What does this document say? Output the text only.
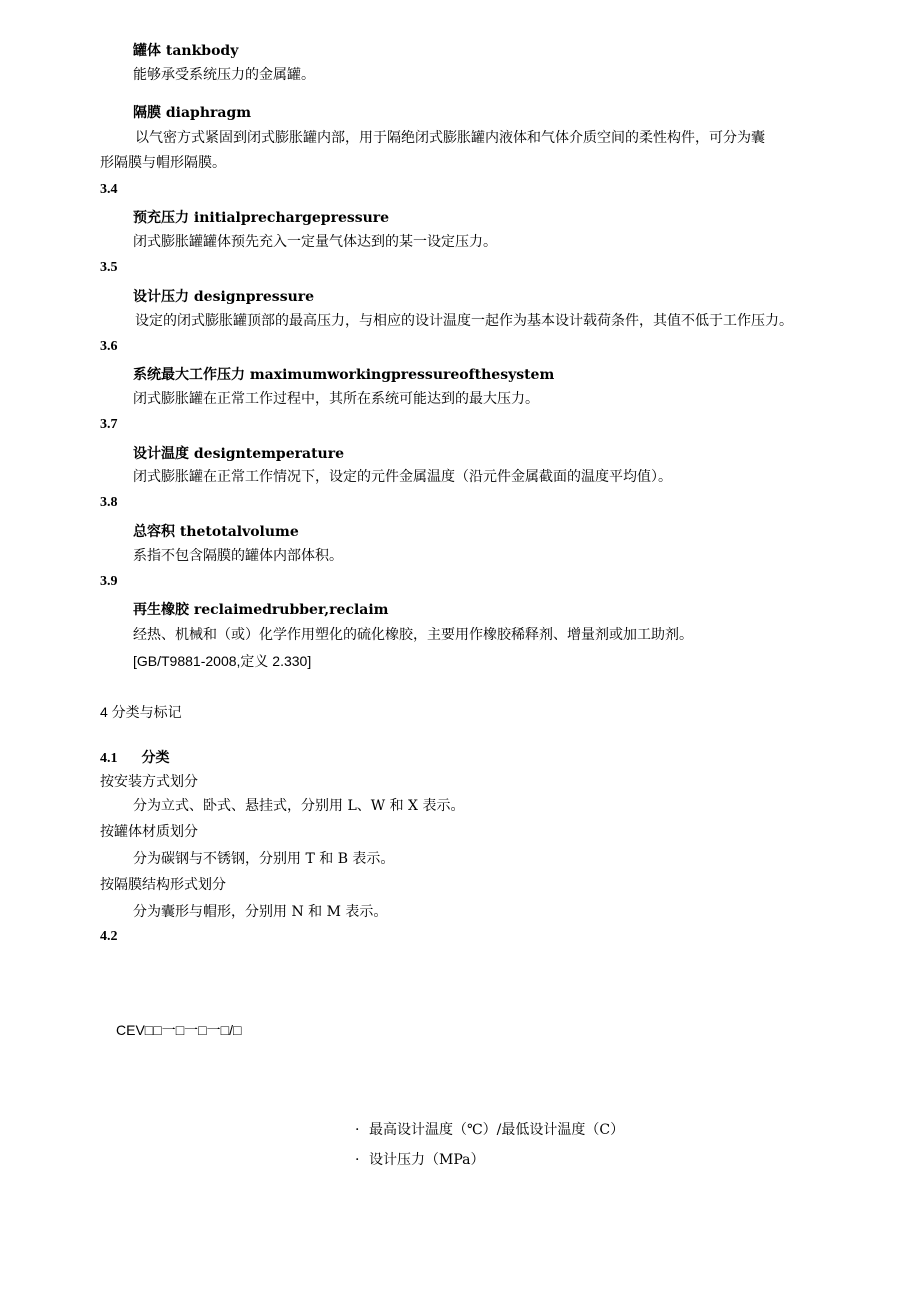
罐体 tankbody
能够承受系统压力的金属罐。
隔膜 diaphragm
以气密方式紧固到闭式膨胀罐内部，用于隔绝闭式膨胀罐内液体和气体介质空间的柔性构件，可分为囊
形隔膜与帽形隔膜。
3.4
预充压力 initialprechargepressure
闭式膨胀罐罐体预先充入一定量气体达到的某一设定压力。
3.5
设计压力 designpressure
设定的闭式膨胀罐顶部的最高压力，与相应的设计温度一起作为基本设计载荷条件，其值不低于工作压力。
3.6
系统最大工作压力 maximumworkingpressureofthesystem
闭式膨胀罐在正常工作过程中，其所在系统可能达到的最大压力。
3.7
设计温度 designtemperature
闭式膨胀罐在正常工作情况下，设定的元件金属温度（沿元件金属截面的温度平均值）。
3.8
总容积 thetotalvolume
系指不包含隔膜的罐体内部体积。
3.9
再生橡胶 reclaimedrubber,reclaim
经热、机械和（或）化学作用塑化的硫化橡胶，主要用作橡胶稀释剂、增量剂或加工助剂。
[GB/T9881-2008,定义 2.330]
4 分类与标记
4.1 分类
按安装方式划分
分为立式、卧式、悬挂式，分别用 L、W 和 X 表示。
按罐体材质划分
分为碳钢与不锈钢，分别用 T 和 B 表示。
按隔膜结构形式划分
分为囊形与帽形，分别用 N 和 M 表示。
4.2
CEV□□一□一□一□/□
· 最高设计温度（℃）/最低设计温度（C）
· 设计压力（MPa）
